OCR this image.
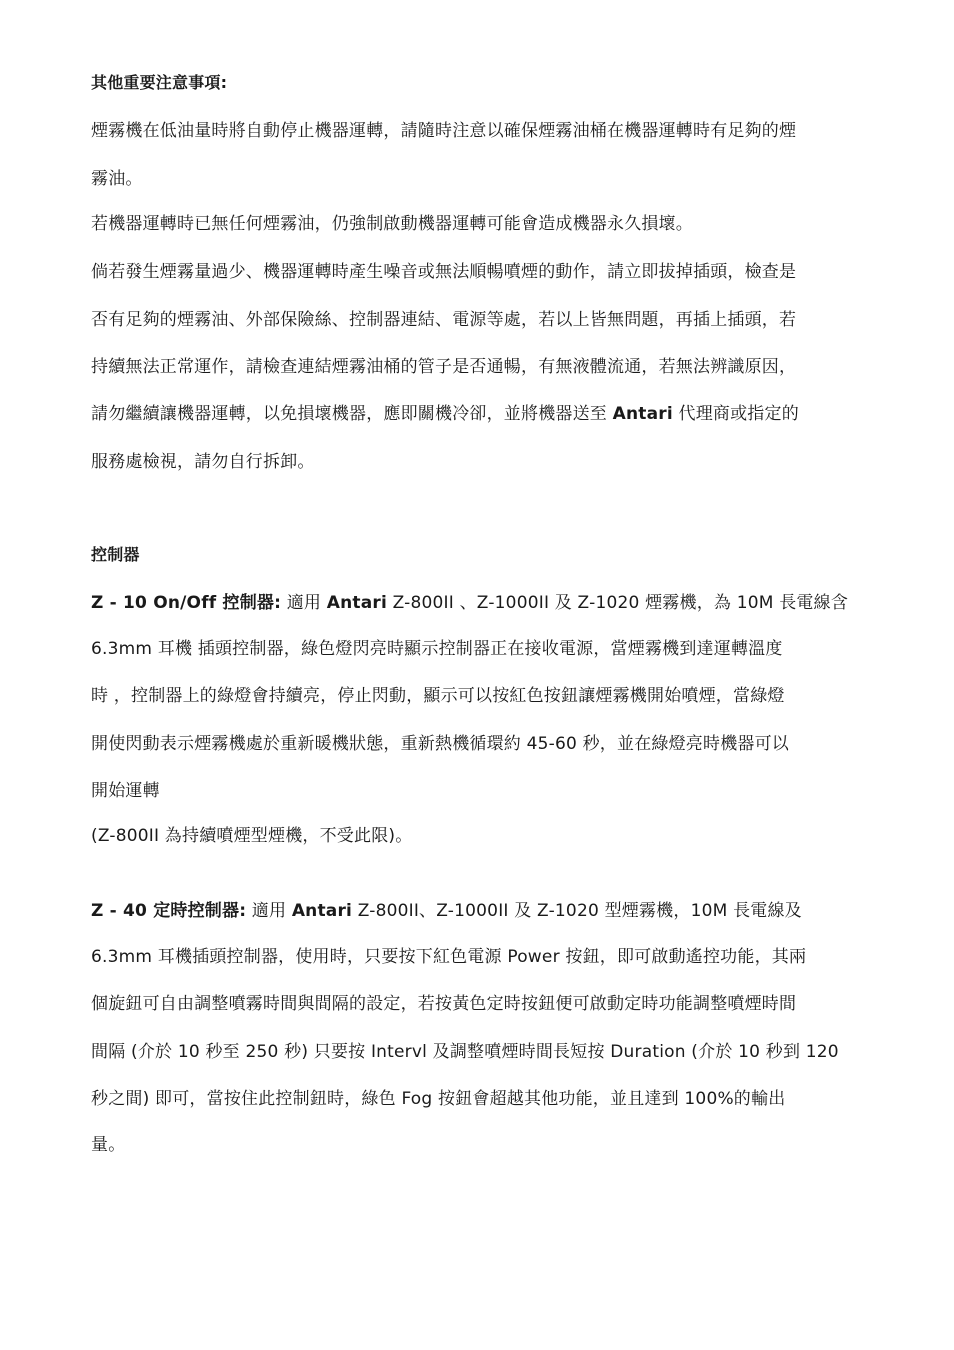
其他重要注意事項:
煙霧機在低油量時將自動停止機器運轉，請隨時注意以確保煙霧油桶在機器運轉時有足夠的煙
霧油。
若機器運轉時已無任何煙霧油，仍強制啟動機器運轉可能會造成機器永久損壞。
倘若發生煙霧量過少、機器運轉時產生噪音或無法順暢噴煙的動作，請立即拔掉插頭，檢查是
否有足夠的煙霧油、外部保險絲、控制器連結、電源等處，若以上皆無問題，再插上插頭，若
持續無法正常運作，請檢查連結煙霧油桶的管子是否通暢，有無液體流通，若無法辨識原因，
請勿繼續讓機器運轉，以免損壞機器，應即關機冷卻，並將機器送至 Antari 代理商或指定的
服務處檢視，請勿自行拆卸。
控制器
Z - 10 On/Off 控制器: 適用 Antari Z-800II 、Z-1000II 及 Z-1020 煙霧機，為 10M 長電線含
6.3mm 耳機 插頭控制器，綠色燈閃亮時顯示控制器正在接收電源，當煙霧機到達運轉溫度
時 ，控制器上的綠燈會持續亮，停止閃動，顯示可以按紅色按鈕讓煙霧機開始噴煙，當綠燈
開使閃動表示煙霧機處於重新暖機狀態，重新熱機循環約 45-60 秒，並在綠燈亮時機器可以
開始運轉
(Z-800II 為持續噴煙型煙機，不受此限)。
Z - 40 定時控制器: 適用 Antari Z-800II、Z-1000II 及 Z-1020 型煙霧機，10M 長電線及
6.3mm 耳機插頭控制器，使用時，只要按下紅色電源 Power 按鈕，即可啟動遙控功能，其兩
個旋鈕可自由調整噴霧時間與間隔的設定，若按黃色定時按鈕便可啟動定時功能調整噴煙時間
間隔 (介於 10 秒至 250 秒) 只要按 Intervl 及調整噴煙時間長短按 Duration (介於 10 秒到 120
秒之間) 即可，當按住此控制鈕時，綠色 Fog 按鈕會超越其他功能，並且達到 100%的輸出
量。
